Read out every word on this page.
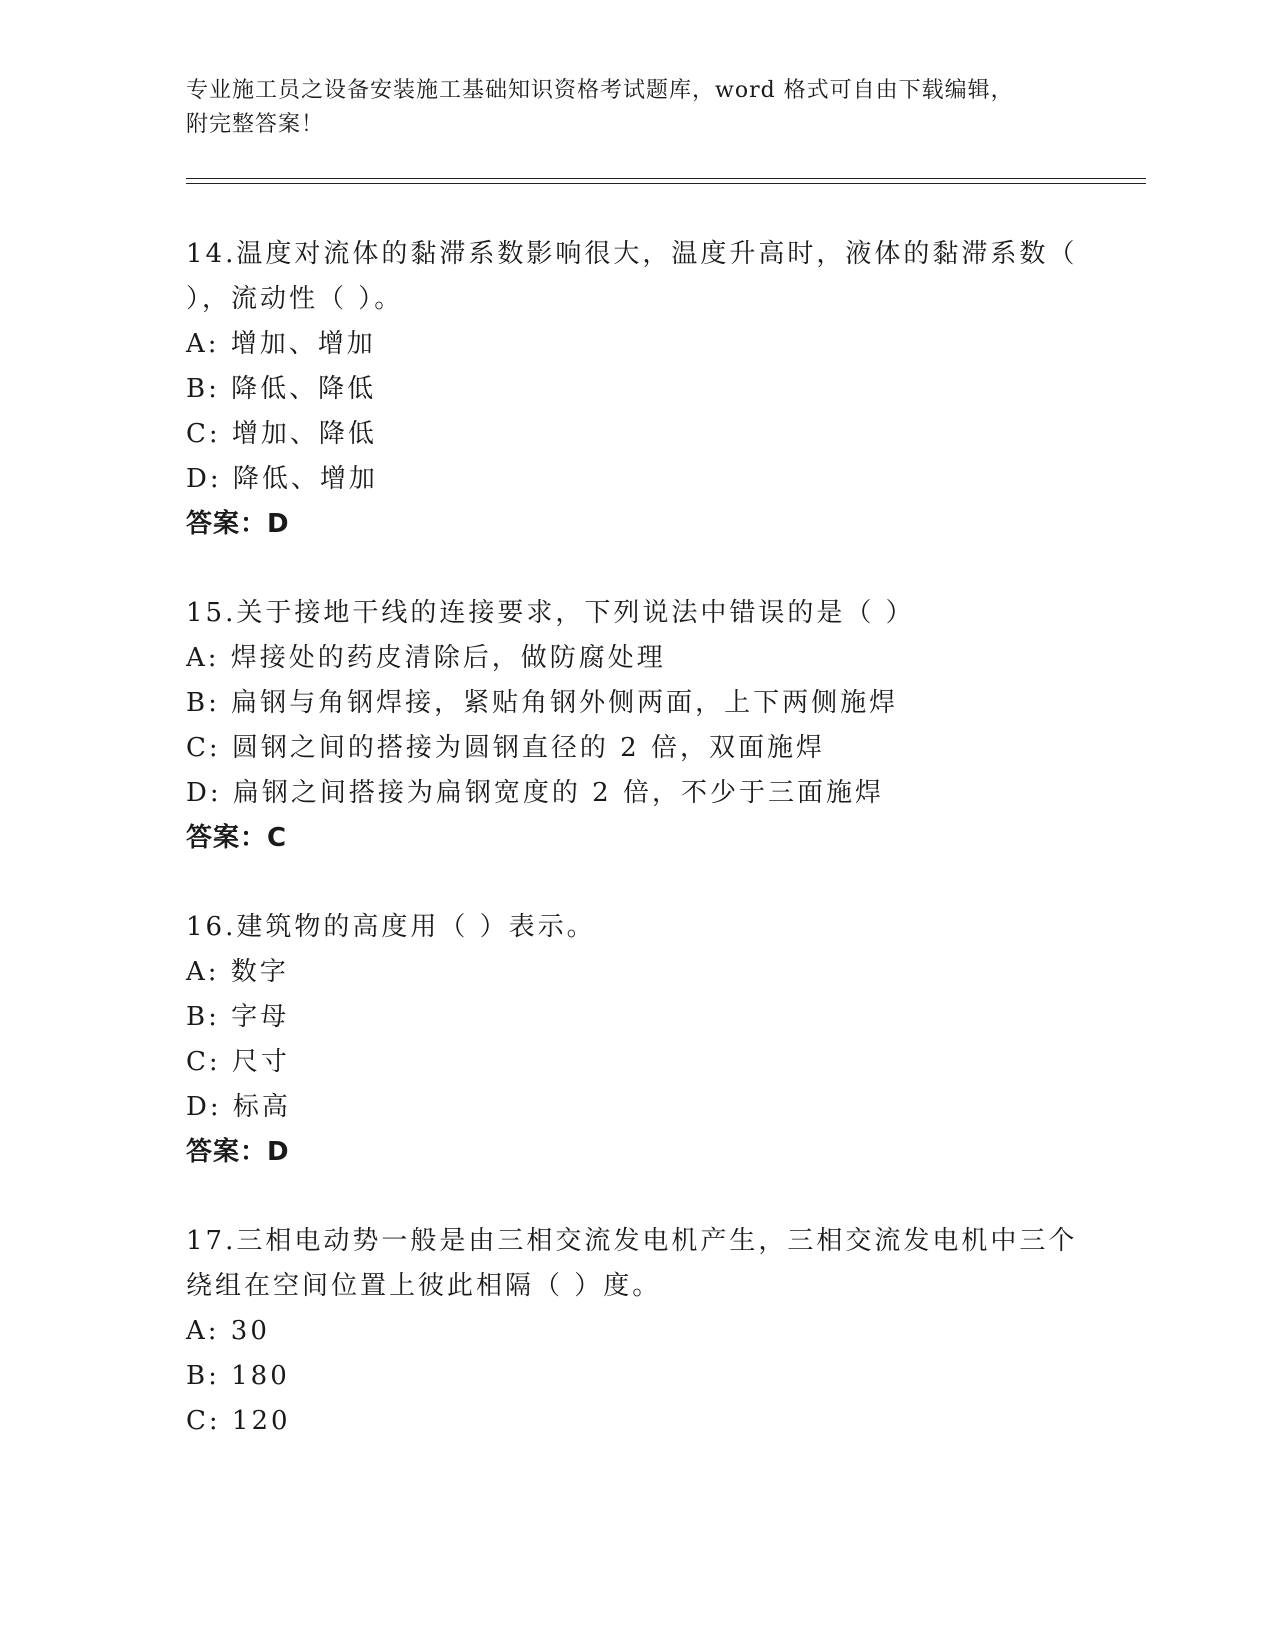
专业施工员之设备安装施工基础知识资格考试题库，word 格式可自由下载编辑，
附完整答案！
14.温度对流体的黏滞系数影响很大，温度升高时，液体的黏滞系数（
），流动性（ ）。
A: 增加、增加
B: 降低、降低
C: 增加、降低
D: 降低、增加
答案：D
15.关于接地干线的连接要求，下列说法中错误的是（ ）
A: 焊接处的药皮清除后，做防腐处理
B: 扁钢与角钢焊接，紧贴角钢外侧两面，上下两侧施焊
C: 圆钢之间的搭接为圆钢直径的 2 倍，双面施焊
D: 扁钢之间搭接为扁钢宽度的 2 倍，不少于三面施焊
答案：C
16.建筑物的高度用（ ）表示。
A: 数字
B: 字母
C: 尺寸
D: 标高
答案：D
17.三相电动势一般是由三相交流发电机产生，三相交流发电机中三个
绕组在空间位置上彼此相隔（ ）度。
A: 30
B: 180
C: 120
